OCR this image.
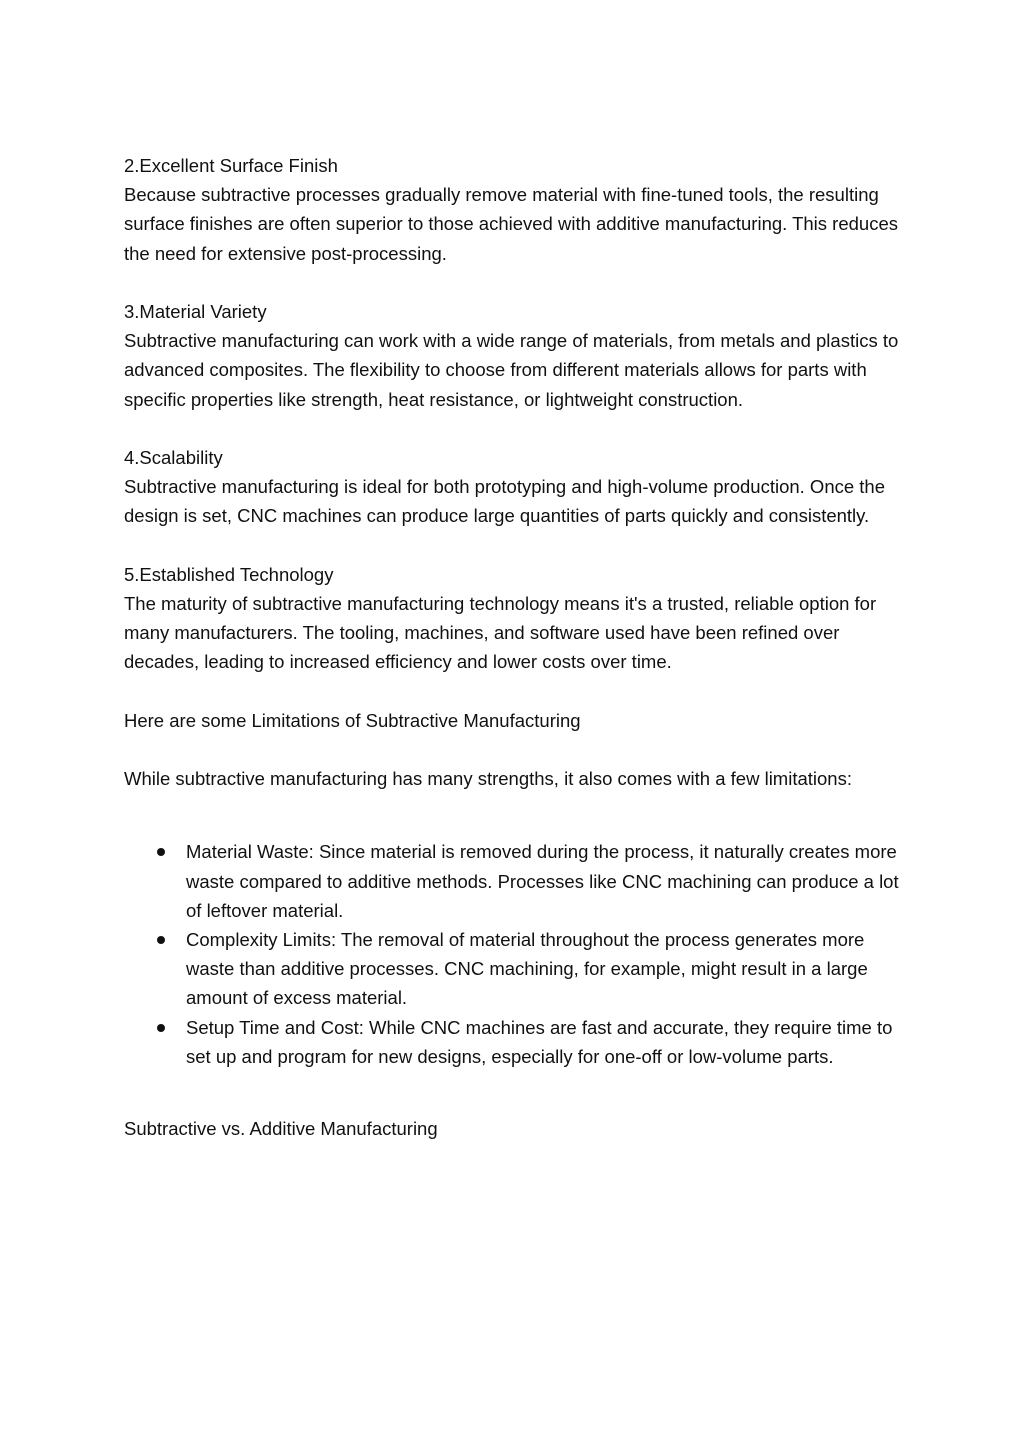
2.Excellent Surface Finish

Because subtractive processes gradually remove material with fine-tuned tools, the resulting surface finishes are often superior to those achieved with additive manufacturing. This reduces the need for extensive post-processing.

3.Material Variety

Subtractive manufacturing can work with a wide range of materials, from metals and plastics to advanced composites. The flexibility to choose from different materials allows for parts with specific properties like strength, heat resistance, or lightweight construction.

4.Scalability

Subtractive manufacturing is ideal for both prototyping and high-volume production. Once the design is set, CNC machines can produce large quantities of parts quickly and consistently.

5.Established Technology

The maturity of subtractive manufacturing technology means it's a trusted, reliable option for many manufacturers. The tooling, machines, and software used have been refined over decades, leading to increased efficiency and lower costs over time.

Here are some Limitations of Subtractive Manufacturing

While subtractive manufacturing has many strengths, it also comes with a few limitations:

Material Waste: Since material is removed during the process, it naturally creates more waste compared to additive methods. Processes like CNC machining can produce a lot of leftover material.
Complexity Limits: The removal of material throughout the process generates more waste than additive processes. CNC machining, for example, might result in a large amount of excess material.
Setup Time and Cost: While CNC machines are fast and accurate, they require time to set up and program for new designs, especially for one-off or low-volume parts.

Subtractive vs. Additive Manufacturing
